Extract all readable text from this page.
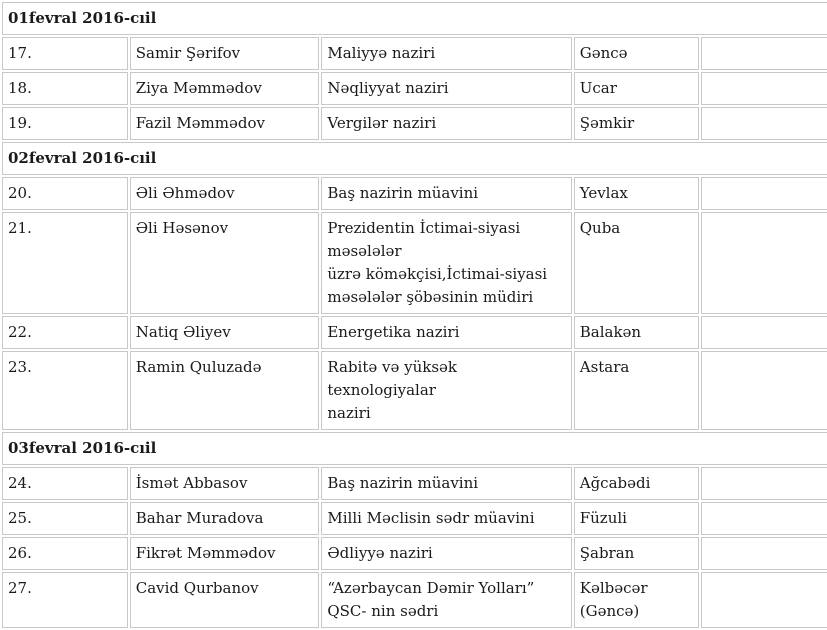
01fevral 2016-cıil				
17.	Samir Şərifov	Maliyyə naziri	Gəncə	
18.	Ziya Məmmədov	Nəqliyyat naziri	Ucar	
19.	Fazil Məmmədov	Vergilər naziri	Şəmkir	
02fevral 2016-cıil				
20.	Əli Əhmədov	Baş nazirin müavini	Yevlax	
21.	Əli Həsənov	Prezidentin İctimai-siyasi
məsələlər
üzrə köməkçisi,İctimai-siyasi
məsələlər şöbəsinin müdiri	Quba	
22.	Natiq Əliyev	Energetika naziri	Balakən	
23.	Ramin Quluzadə	Rabitə və yüksək texnologiyalar
naziri	Astara	
03fevral 2016-cıil				
24.	İsmət Abbasov	Baş nazirin müavini	Ağcabədi	
25.	Bahar Muradova	Milli Məclisin sədr müavini	Füzuli	
26.	Fikrət Məmmədov	Ədliyyə naziri	Şabran	
27.	Cavid Qurbanov	“Azərbaycan Dəmir Yolları”
QSC- nin sədri	Kəlbəcər
(Gəncə)	
